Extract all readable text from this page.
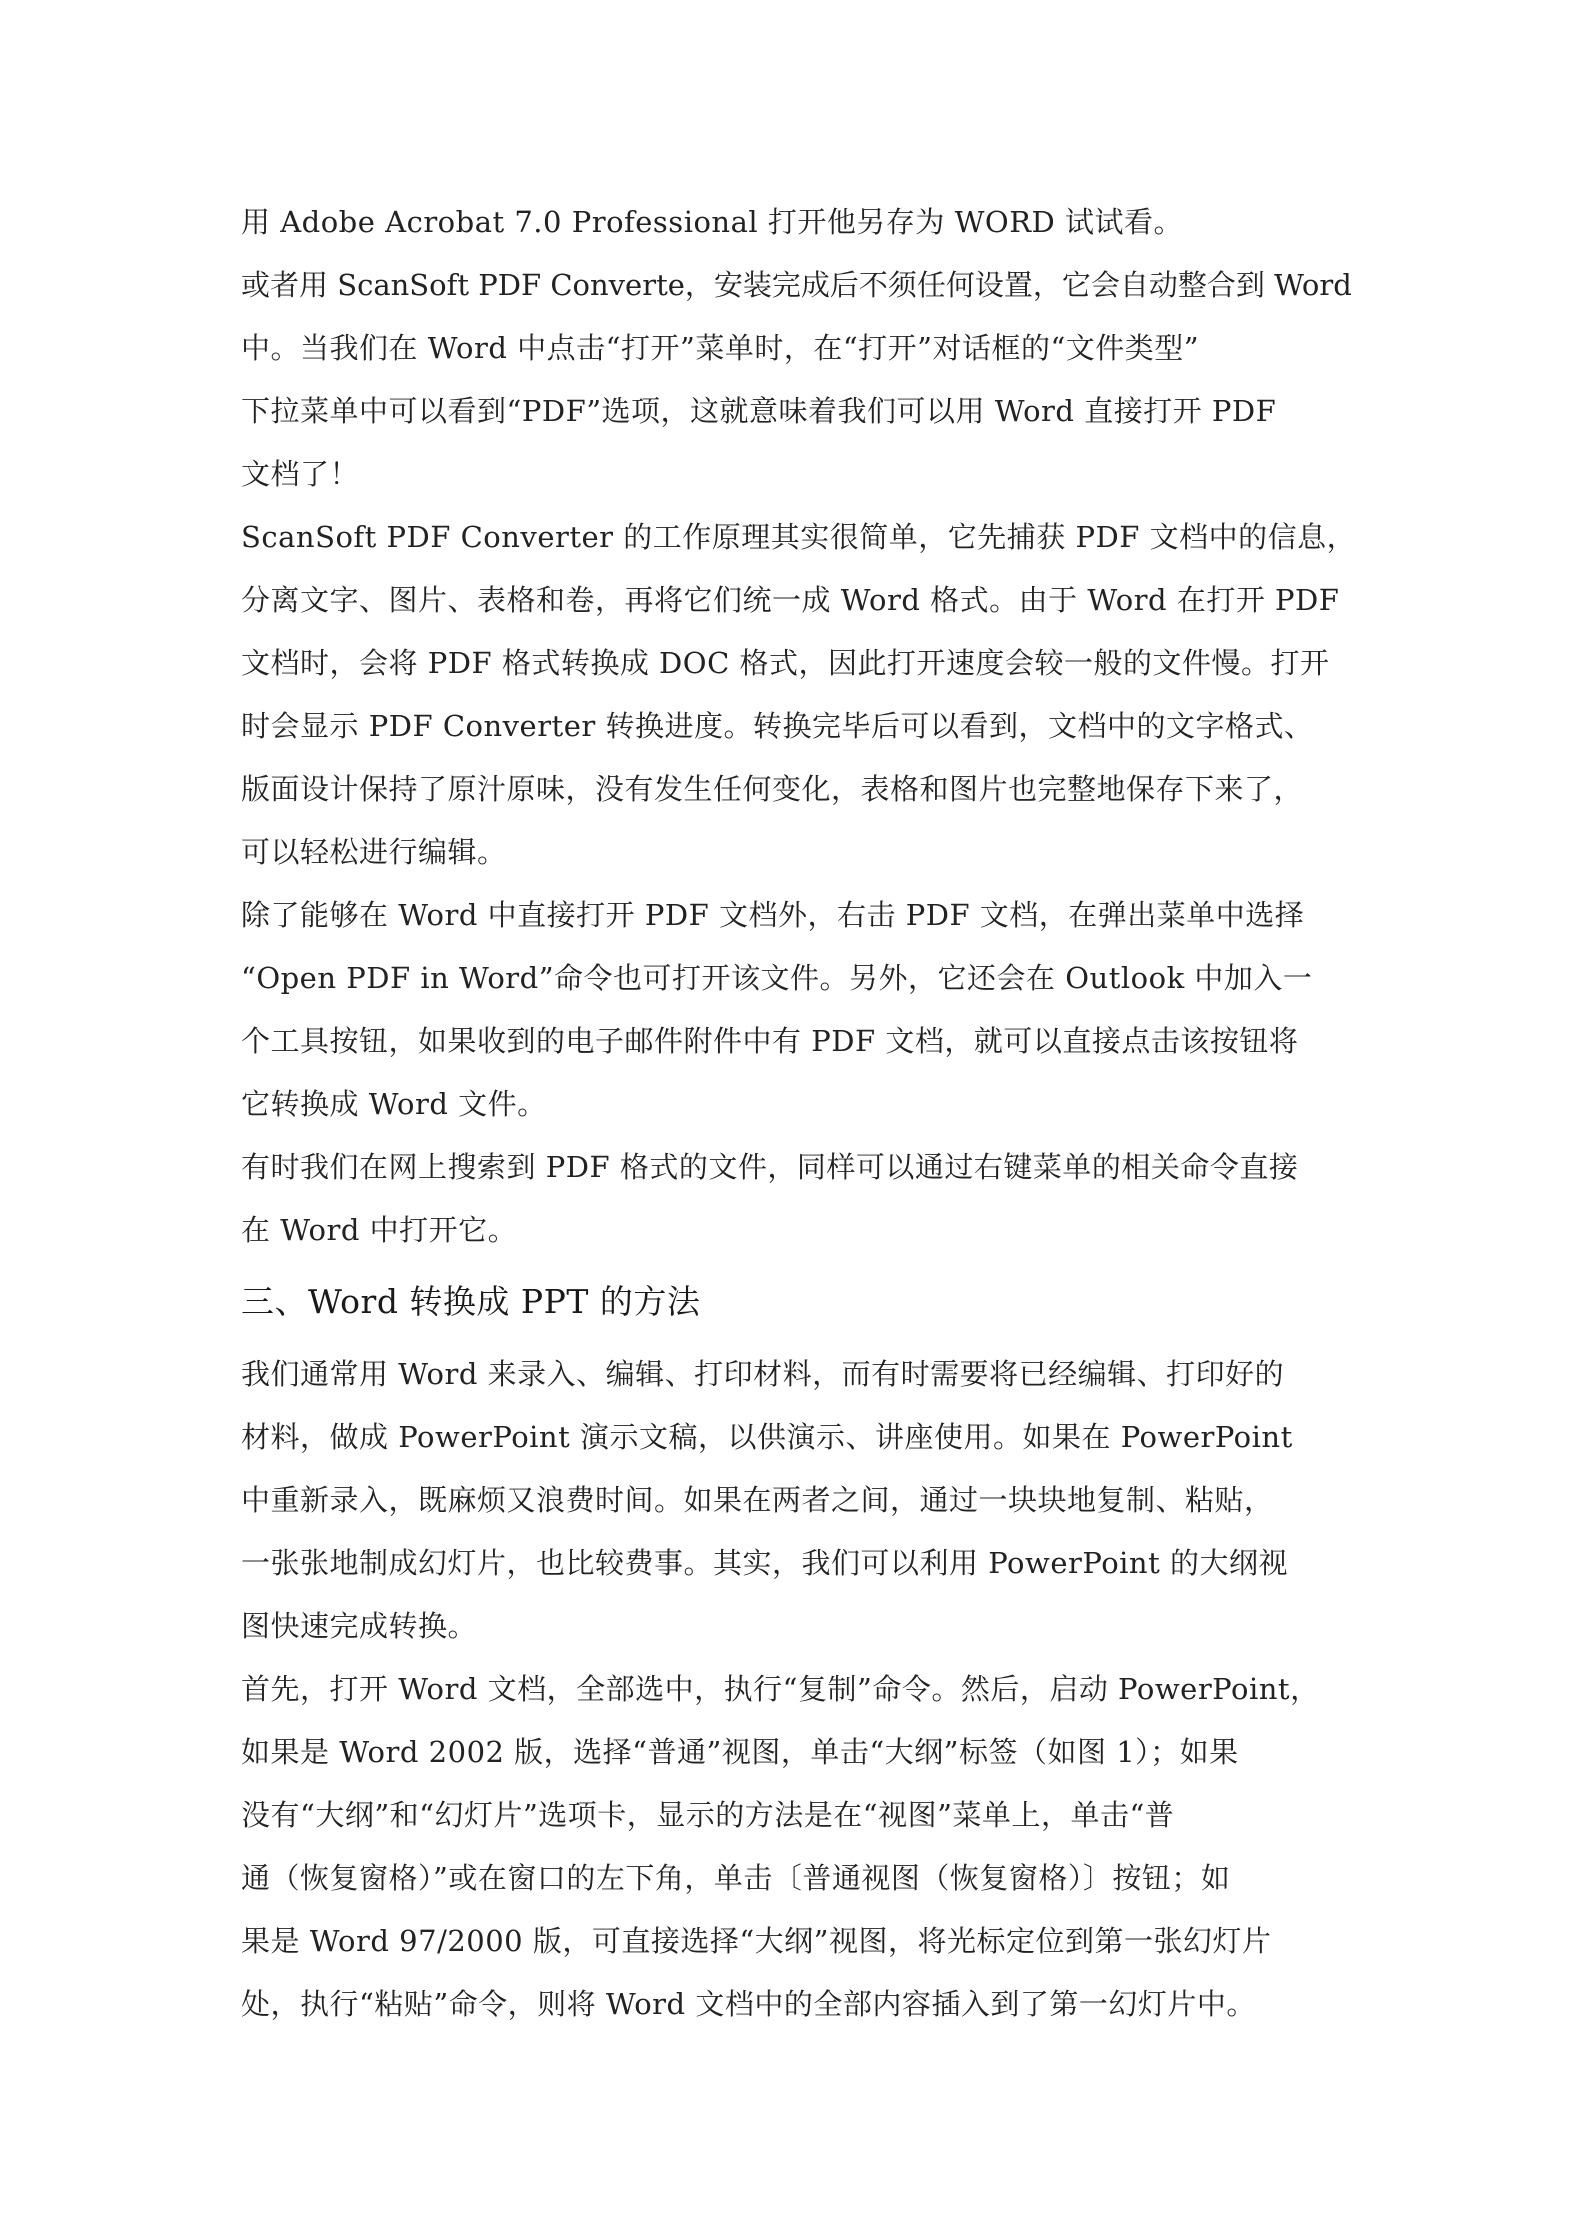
用 Adobe Acrobat 7.0 Professional 打开他另存为 WORD 试试看。
或者用 ScanSoft PDF Converte，安装完成后不须任何设置，它会自动整合到 Word
中。当我们在 Word 中点击“打开”菜单时，在“打开”对话框的“文件类型”
下拉菜单中可以看到“PDF”选项，这就意味着我们可以用 Word 直接打开 PDF
文档了！
ScanSoft PDF Converter 的工作原理其实很简单，它先捕获 PDF 文档中的信息，
分离文字、图片、表格和卷，再将它们统一成 Word 格式。由于 Word 在打开 PDF
文档时，会将 PDF 格式转换成 DOC 格式，因此打开速度会较一般的文件慢。打开
时会显示 PDF Converter 转换进度。转换完毕后可以看到，文档中的文字格式、
版面设计保持了原汁原味，没有发生任何变化，表格和图片也完整地保存下来了，
可以轻松进行编辑。
除了能够在 Word 中直接打开 PDF 文档外，右击 PDF 文档，在弹出菜单中选择
“Open PDF in Word”命令也可打开该文件。另外，它还会在 Outlook 中加入一
个工具按钮，如果收到的电子邮件附件中有 PDF 文档，就可以直接点击该按钮将
它转换成 Word 文件。
有时我们在网上搜索到 PDF 格式的文件，同样可以通过右键菜单的相关命令直接
在 Word 中打开它。
三、Word 转换成 PPT 的方法
我们通常用 Word 来录入、编辑、打印材料，而有时需要将已经编辑、打印好的
材料，做成 PowerPoint 演示文稿，以供演示、讲座使用。如果在 PowerPoint
中重新录入，既麻烦又浪费时间。如果在两者之间，通过一块块地复制、粘贴，
一张张地制成幻灯片，也比较费事。其实，我们可以利用 PowerPoint 的大纲视
图快速完成转换。
首先，打开 Word 文档，全部选中，执行“复制”命令。然后，启动 PowerPoint，
如果是 Word 2002 版，选择“普通”视图，单击“大纲”标签（如图 1）；如果
没有“大纲”和“幻灯片”选项卡，显示的方法是在“视图”菜单上，单击“普
通（恢复窗格）”或在窗口的左下角，单击〔普通视图（恢复窗格）〕按钮；如
果是 Word 97/2000 版，可直接选择“大纲”视图，将光标定位到第一张幻灯片
处，执行“粘贴”命令，则将 Word 文档中的全部内容插入到了第一幻灯片中。
